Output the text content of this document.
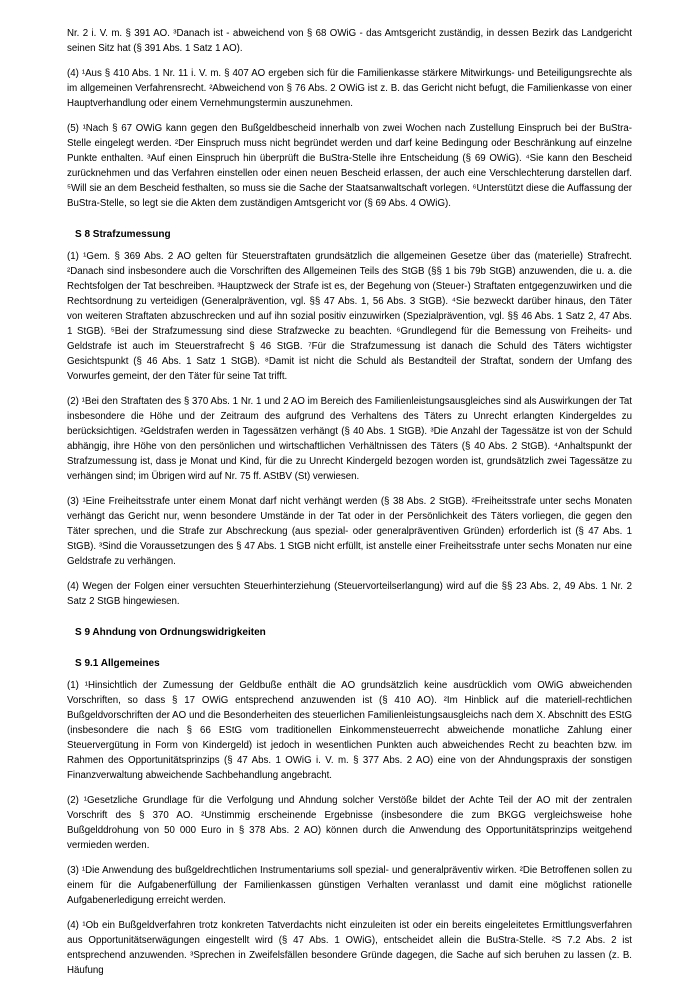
Nr. 2 i. V. m. § 391 AO. ³Danach ist - abweichend von § 68 OWiG - das Amtsgericht zuständig, in dessen Bezirk das Landgericht seinen Sitz hat (§ 391 Abs. 1 Satz 1 AO).

(4) ¹Aus § 410 Abs. 1 Nr. 11 i. V. m. § 407 AO ergeben sich für die Familienkasse stärkere Mitwirkungs- und Beteiligungsrechte als im allgemeinen Verfahrensrecht. ²Abweichend von § 76 Abs. 2 OWiG ist z. B. das Gericht nicht befugt, die Familienkasse von einer Hauptverhandlung oder einem Vernehmungstermin auszunehmen.

(5) ¹Nach § 67 OWiG kann gegen den Bußgeldbescheid innerhalb von zwei Wochen nach Zustellung Einspruch bei der BuStra-Stelle eingelegt werden. ²Der Einspruch muss nicht begründet werden und darf keine Bedingung oder Beschränkung auf einzelne Punkte enthalten. ³Auf einen Einspruch hin überprüft die BuStra-Stelle ihre Entscheidung (§ 69 OWiG). ⁴Sie kann den Bescheid zurücknehmen und das Verfahren einstellen oder einen neuen Bescheid erlassen, der auch eine Verschlechterung darstellen darf. ⁵Will sie an dem Bescheid festhalten, so muss sie die Sache der Staatsanwaltschaft vorlegen. ⁶Unterstützt diese die Auffassung der BuStra-Stelle, so legt sie die Akten dem zuständigen Amtsgericht vor (§ 69 Abs. 4 OWiG).

S 8 Strafzumessung

(1) ¹Gem. § 369 Abs. 2 AO gelten für Steuerstraftaten grundsätzlich die allgemeinen Gesetze über das (materielle) Strafrecht. ²Danach sind insbesondere auch die Vorschriften des Allgemeinen Teils des StGB (§§ 1 bis 79b StGB) anzuwenden, die u. a. die Rechtsfolgen der Tat beschreiben. ³Hauptzweck der Strafe ist es, der Begehung von (Steuer-) Straftaten entgegenzuwirken und die Rechtsordnung zu verteidigen (Generalprävention, vgl. §§ 47 Abs. 1, 56 Abs. 3 StGB). ⁴Sie bezweckt darüber hinaus, den Täter von weiteren Straftaten abzuschrecken und auf ihn sozial positiv einzuwirken (Spezialprävention, vgl. §§ 46 Abs. 1 Satz 2, 47 Abs. 1 StGB). ⁵Bei der Strafzumessung sind diese Strafzwecke zu beachten. ⁶Grundlegend für die Bemessung von Freiheits- und Geldstrafe ist auch im Steuerstrafrecht § 46 StGB. ⁷Für die Strafzumessung ist danach die Schuld des Täters wichtigster Gesichtspunkt (§ 46 Abs. 1 Satz 1 StGB). ⁸Damit ist nicht die Schuld als Bestandteil der Straftat, sondern der Umfang des Vorwurfes gemeint, der den Täter für seine Tat trifft.

(2) ¹Bei den Straftaten des § 370 Abs. 1 Nr. 1 und 2 AO im Bereich des Familienleistungsausgleiches sind als Auswirkungen der Tat insbesondere die Höhe und der Zeitraum des aufgrund des Verhaltens des Täters zu Unrecht erlangten Kindergeldes zu berücksichtigen. ²Geldstrafen werden in Tagessätzen verhängt (§ 40 Abs. 1 StGB). ³Die Anzahl der Tagessätze ist von der Schuld abhängig, ihre Höhe von den persönlichen und wirtschaftlichen Verhältnissen des Täters (§ 40 Abs. 2 StGB). ⁴Anhaltspunkt der Strafzumessung ist, dass je Monat und Kind, für die zu Unrecht Kindergeld bezogen worden ist, grundsätzlich zwei Tagessätze zu verhängen sind; im Übrigen wird auf Nr. 75 ff. AStBV (St) verwiesen.

(3) ¹Eine Freiheitsstrafe unter einem Monat darf nicht verhängt werden (§ 38 Abs. 2 StGB). ²Freiheitsstrafe unter sechs Monaten verhängt das Gericht nur, wenn besondere Umstände in der Tat oder in der Persönlichkeit des Täters vorliegen, die gegen den Täter sprechen, und die Strafe zur Abschreckung (aus spezial- oder generalpräventiven Gründen) erforderlich ist (§ 47 Abs. 1 StGB). ³Sind die Voraussetzungen des § 47 Abs. 1 StGB nicht erfüllt, ist anstelle einer Freiheitsstrafe unter sechs Monaten nur eine Geldstrafe zu verhängen.

(4) Wegen der Folgen einer versuchten Steuerhinterziehung (Steuervorteilserlangung) wird auf die §§ 23 Abs. 2, 49 Abs. 1 Nr. 2 Satz 2 StGB hingewiesen.

S 9 Ahndung von Ordnungswidrigkeiten
S 9.1 Allgemeines

(1) ¹Hinsichtlich der Zumessung der Geldbuße enthält die AO grundsätzlich keine ausdrücklich vom OWiG abweichenden Vorschriften, so dass § 17 OWiG entsprechend anzuwenden ist (§ 410 AO). ²Im Hinblick auf die materiell-rechtlichen Bußgeldvorschriften der AO und die Besonderheiten des steuerlichen Familienleistungsausgleichs nach dem X. Abschnitt des EStG (insbesondere die nach § 66 EStG vom traditionellen Einkommensteuerrecht abweichende monatliche Zahlung einer Steuervergütung in Form von Kindergeld) ist jedoch in wesentlichen Punkten auch abweichendes Recht zu beachten bzw. im Rahmen des Opportunitätsprinzips (§ 47 Abs. 1 OWiG i. V. m. § 377 Abs. 2 AO) eine von der Ahndungspraxis der sonstigen Finanzverwaltung abweichende Sachbehandlung angebracht.

(2) ¹Gesetzliche Grundlage für die Verfolgung und Ahndung solcher Verstöße bildet der Achte Teil der AO mit der zentralen Vorschrift des § 370 AO. ²Unstimmig erscheinende Ergebnisse (insbesondere die zum BKGG vergleichsweise hohe Bußgelddrohung von 50 000 Euro in § 378 Abs. 2 AO) können durch die Anwendung des Opportunitätsprinzips weitgehend vermieden werden.

(3) ¹Die Anwendung des bußgeldrechtlichen Instrumentariums soll spezial- und generalpräventiv wirken. ²Die Betroffenen sollen zu einem für die Aufgabenerfüllung der Familienkassen günstigen Verhalten veranlasst und damit eine möglichst rationelle Aufgabenerledigung erreicht werden.

(4) ¹Ob ein Bußgeldverfahren trotz konkreten Tatverdachts nicht einzuleiten ist oder ein bereits eingeleitetes Ermittlungsverfahren aus Opportunitätserwägungen eingestellt wird (§ 47 Abs. 1 OWiG), entscheidet allein die BuStra-Stelle. ²S 7.2 Abs. 2 ist entsprechend anzuwenden. ³Sprechen in Zweifelsfällen besondere Gründe dagegen, die Sache auf sich beruhen zu lassen (z. B. Häufung
